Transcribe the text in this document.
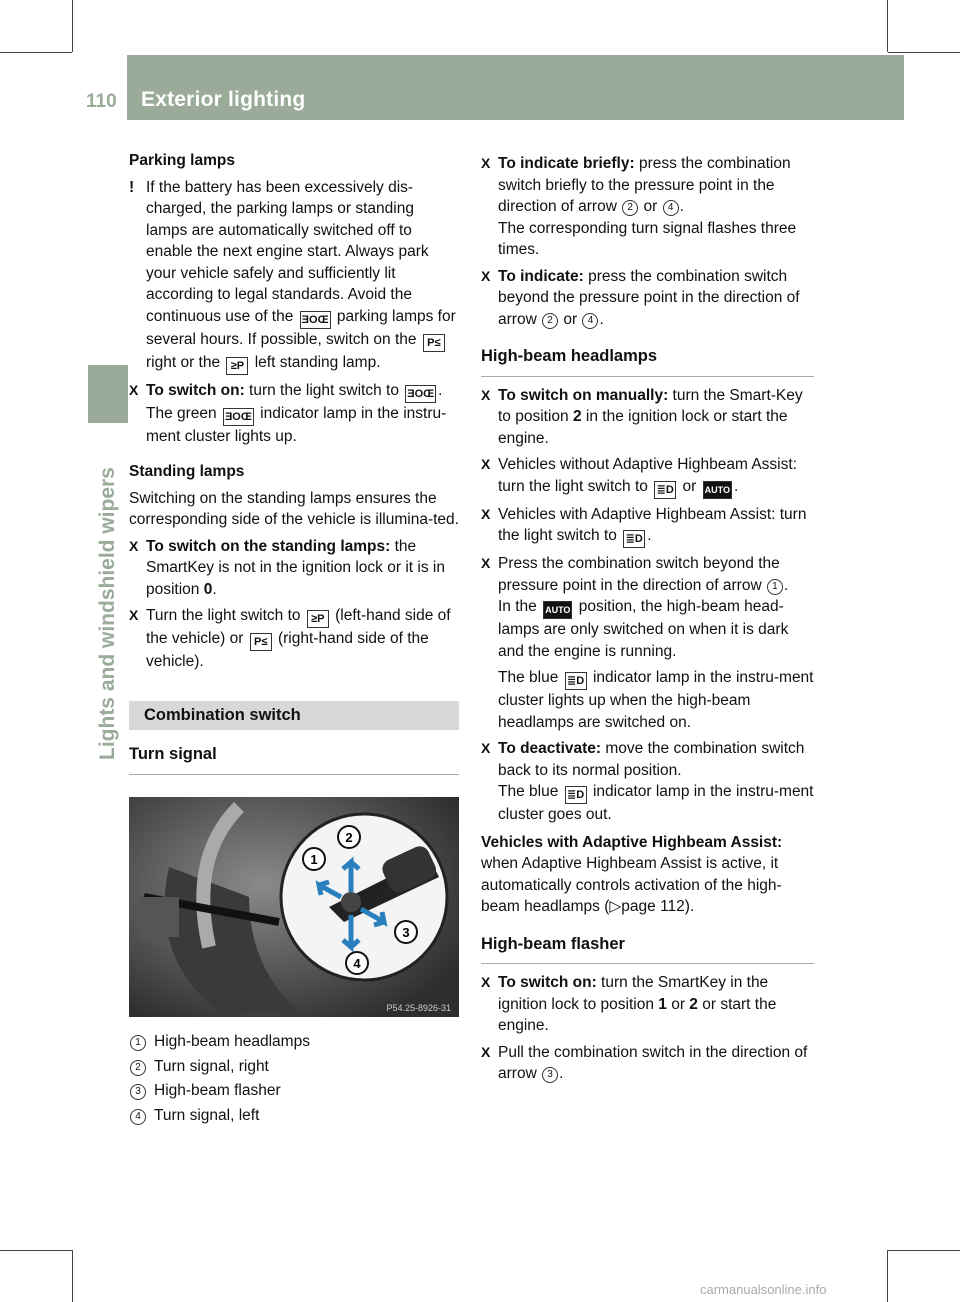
110 Exterior lighting
Lights and windshield wipers

Parking lamps

! If the battery has been excessively dis-charged, the parking lamps or standing lamps are automatically switched off to enable the next engine start. Always park your vehicle safely and sufficiently lit according to legal standards. Avoid the continuous use of the ƎOŒ parking lamps for several hours. If possible, switch on the P≤ right or the ≥P left standing lamp.
X To switch on: turn the light switch to ƎOŒ .
The green ƎOŒ indicator lamp in the instru-ment cluster lights up.

Standing lamps

Switching on the standing lamps ensures the corresponding side of the vehicle is illumina-ted.

X To switch on the standing lamps: the SmartKey is not in the ignition lock or it is in position 0.
X Turn the light switch to ≥P (left-hand side of the vehicle) or P≤ (right-hand side of the vehicle).
Combination switch
Turn signal
1
2
3
4
P54.25-8926-31
1 High-beam headlamps
2 Turn signal, right
3 High-beam flasher
4 Turn signal, left
X To indicate briefly: press the combination switch briefly to the pressure point in the direction of arrow 2 or 4 .
The corresponding turn signal flashes three times.
X To indicate: press the combination switch beyond the pressure point in the direction of arrow 2 or 4 .
High-beam headlamps
X To switch on manually: turn the Smart-Key to position 2 in the ignition lock or start the engine.
X Vehicles without Adaptive Highbeam Assist: turn the light switch to ≣D or AUTO .
X Vehicles with Adaptive Highbeam Assist: turn the light switch to ≣D .
X Press the combination switch beyond the pressure point in the direction of arrow 1 .
In the AUTO position, the high-beam head-lamps are only switched on when it is dark and the engine is running.

The blue ≣D indicator lamp in the instru-ment cluster lights up when the high-beam headlamps are switched on.

X To deactivate: move the combination switch back to its normal position.
The blue ≣D indicator lamp in the instru-ment cluster goes out.

Vehicles with Adaptive Highbeam Assist:
when Adaptive Highbeam Assist is active, it automatically controls activation of the high-beam headlamps (▷page 112).

High-beam flasher
X To switch on: turn the SmartKey in the ignition lock to position 1 or 2 or start the engine.
X Pull the combination switch in the direction of arrow 3 .
carmanualsonline.info
